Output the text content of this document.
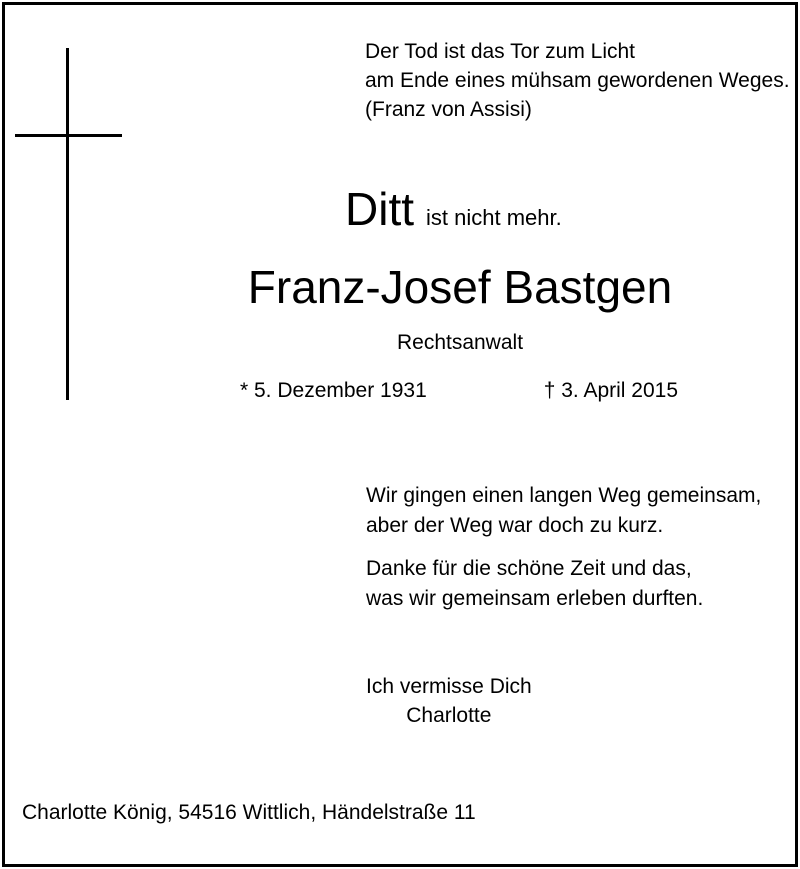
Der Tod ist das Tor zum Licht
am Ende eines mühsam gewordenen Weges.
(Franz von Assisi)
Ditt ist nicht mehr.
Franz-Josef Bastgen
Rechtsanwalt
* 5. Dezember 1931	† 3. April 2015
Wir gingen einen langen Weg gemeinsam,
aber der Weg war doch zu kurz.
Danke für die schöne Zeit und das,
was wir gemeinsam erleben durften.
Ich vermisse Dich
Charlotte
Charlotte König, 54516 Wittlich, Händelstraße 11
